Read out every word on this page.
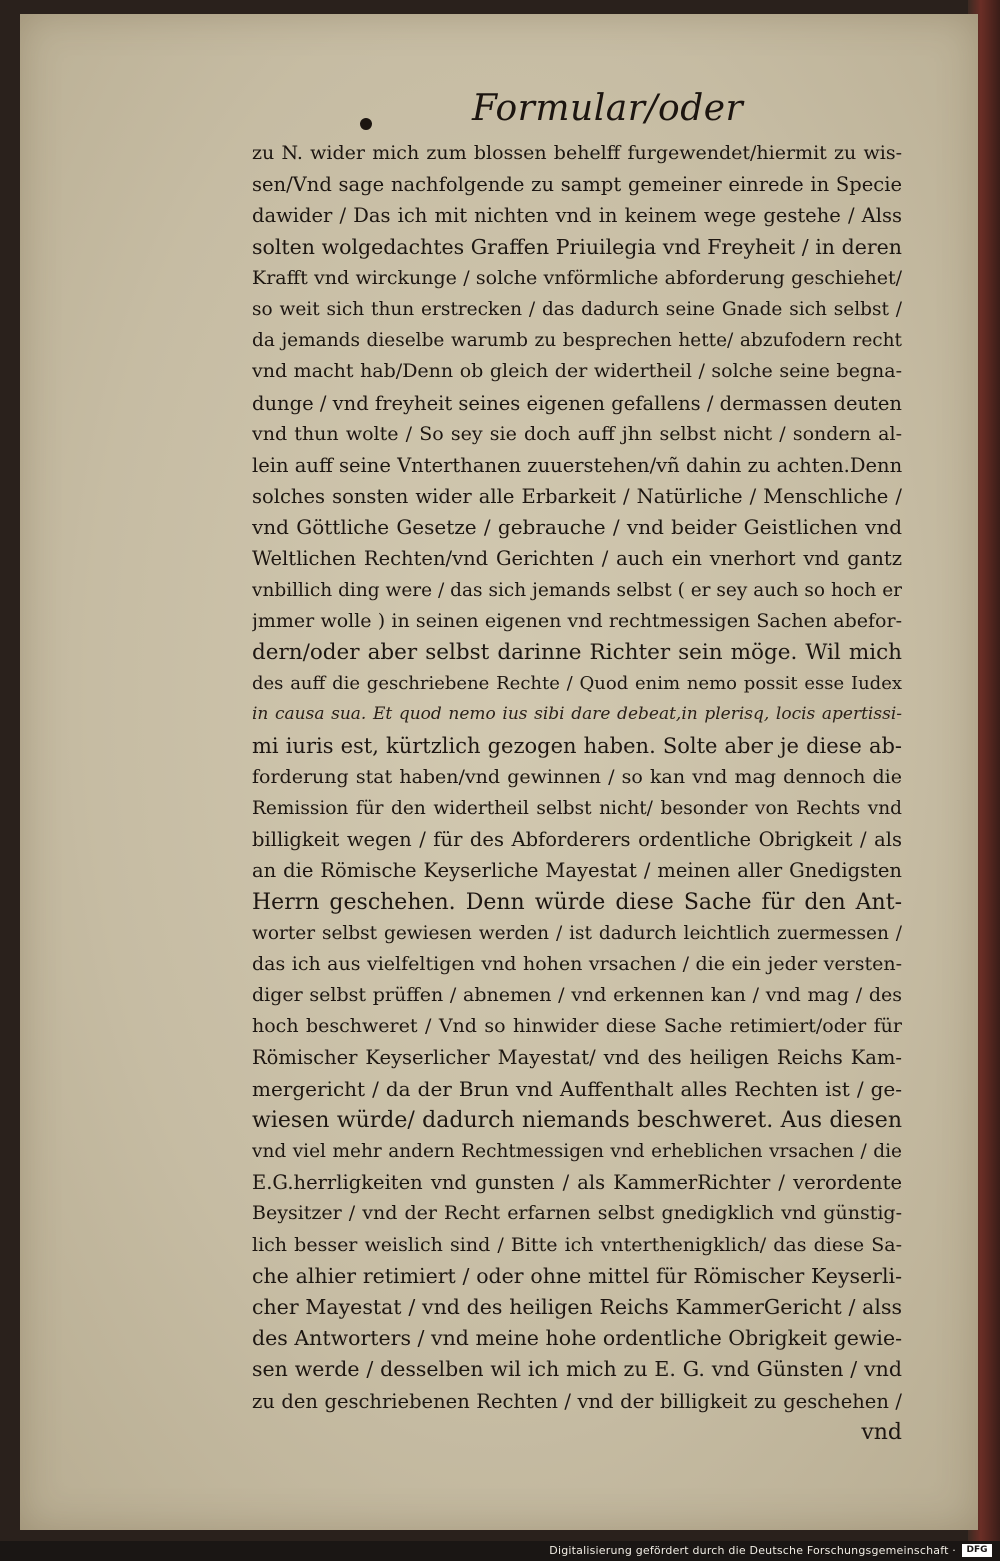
Formular/oder
zu N. wider mich zum blossen behelff furgewendet/hiermit zu wis-
sen/Vnd sage nachfolgende zu sampt gemeiner einrede in Specie
dawider / Das ich mit nichten vnd in keinem wege gestehe / Alss
solten wolgedachtes Graffen Priuilegia vnd Freyheit / in deren
Krafft vnd wirckunge / solche vnförmliche abforderung geschiehet/
so weit sich thun erstrecken / das dadurch seine Gnade sich selbst /
da jemands dieselbe warumb zu besprechen hette/ abzufodern recht
vnd macht hab/Denn ob gleich der widertheil / solche seine begna-
dunge / vnd freyheit seines eigenen gefallens / dermassen deuten
vnd thun wolte / So sey sie doch auff jhn selbst nicht / sondern al-
lein auff seine Vnterthanen zuuerstehen/vñ dahin zu achten.Denn
solches sonsten wider alle Erbarkeit / Natürliche / Menschliche /
vnd Göttliche Gesetze / gebrauche / vnd beider Geistlichen vnd
Weltlichen Rechten/vnd Gerichten / auch ein vnerhort vnd gantz
vnbillich ding were / das sich jemands selbst ( er sey auch so hoch er
jmmer wolle ) in seinen eigenen vnd rechtmessigen Sachen abefor-
dern/oder aber selbst darinne Richter sein möge. Wil mich
des auff die geschriebene Rechte / Quod enim nemo possit esse Iudex
in causa sua. Et quod nemo ius sibi dare debeat,in plerisq, locis apertissi-
mi iuris est, kürtzlich gezogen haben. Solte aber je diese ab-
forderung stat haben/vnd gewinnen / so kan vnd mag dennoch die
Remission für den widertheil selbst nicht/ besonder von Rechts vnd
billigkeit wegen / für des Abforderers ordentliche Obrigkeit / als
an die Römische Keyserliche Mayestat / meinen aller Gnedigsten
Herrn geschehen. Denn würde diese Sache für den Ant-
worter selbst gewiesen werden / ist dadurch leichtlich zuermessen /
das ich aus vielfeltigen vnd hohen vrsachen / die ein jeder versten-
diger selbst prüffen / abnemen / vnd erkennen kan / vnd mag / des
hoch beschweret / Vnd so hinwider diese Sache retimiert/oder für
Römischer Keyserlicher Mayestat/ vnd des heiligen Reichs Kam-
mergericht / da der Brun vnd Auffenthalt alles Rechten ist / ge-
wiesen würde/ dadurch niemands beschweret. Aus diesen
vnd viel mehr andern Rechtmessigen vnd erheblichen vrsachen / die
E.G.herrligkeiten vnd gunsten / als KammerRichter / verordente
Beysitzer / vnd der Recht erfarnen selbst gnedigklich vnd günstig-
lich besser weislich sind / Bitte ich vnterthenigklich/ das diese Sa-
che alhier retimiert / oder ohne mittel für Römischer Keyserli-
cher Mayestat / vnd des heiligen Reichs KammerGericht / alss
des Antworters / vnd meine hohe ordentliche Obrigkeit gewie-
sen werde / desselben wil ich mich zu E. G. vnd Günsten / vnd
zu den geschriebenen Rechten / vnd der billigkeit zu geschehen /
vnd
Digitalisierung gefördert durch die Deutsche Forschungsgemeinschaft ·	DFG
